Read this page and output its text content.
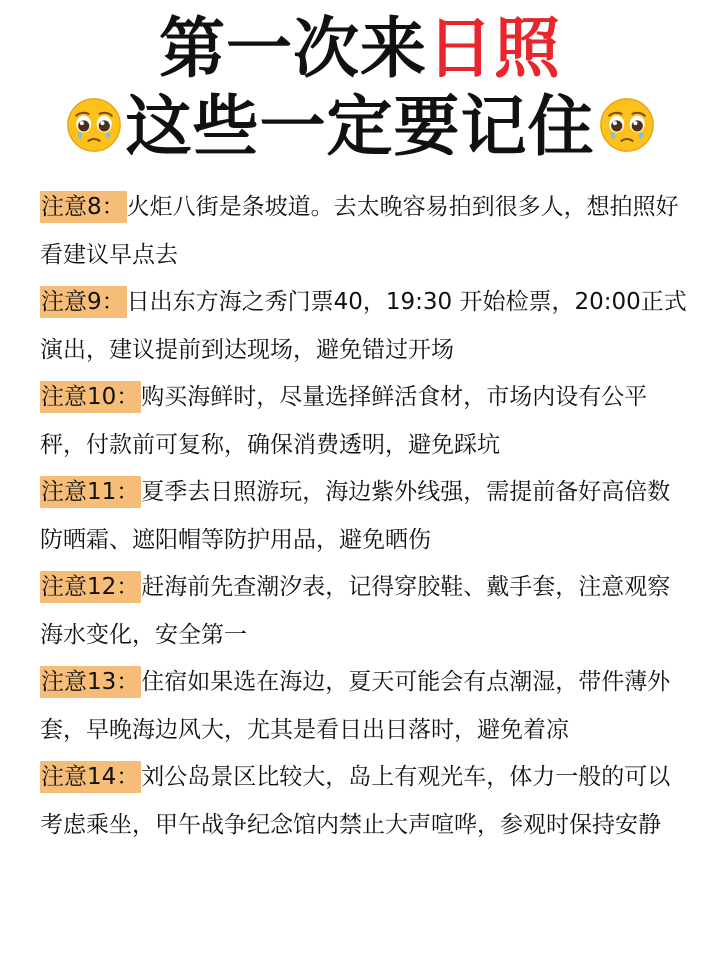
第一次来日照
这些一定要记住

注意8：火炬八街是条坡道。去太晚容易拍到很多人，想拍照好看建议早点去

注意9：日出东方海之秀门票40，19:30 开始检票，20:00正式演出，建议提前到达现场，避免错过开场

注意10：购买海鲜时，尽量选择鲜活食材，市场内设有公平秤，付款前可复称，确保消费透明，避免踩坑

注意11：夏季去日照游玩，海边紫外线强，需提前备好高倍数防晒霜、遮阳帽等防护用品，避免晒伤

注意12：赶海前先查潮汐表，记得穿胶鞋、戴手套，注意观察海水变化，安全第一

注意13：住宿如果选在海边，夏天可能会有点潮湿，带件薄外套，早晚海边风大，尤其是看日出日落时，避免着凉

注意14：刘公岛景区比较大，岛上有观光车，体力一般的可以考虑乘坐，甲午战争纪念馆内禁止大声喧哗，参观时保持安静
